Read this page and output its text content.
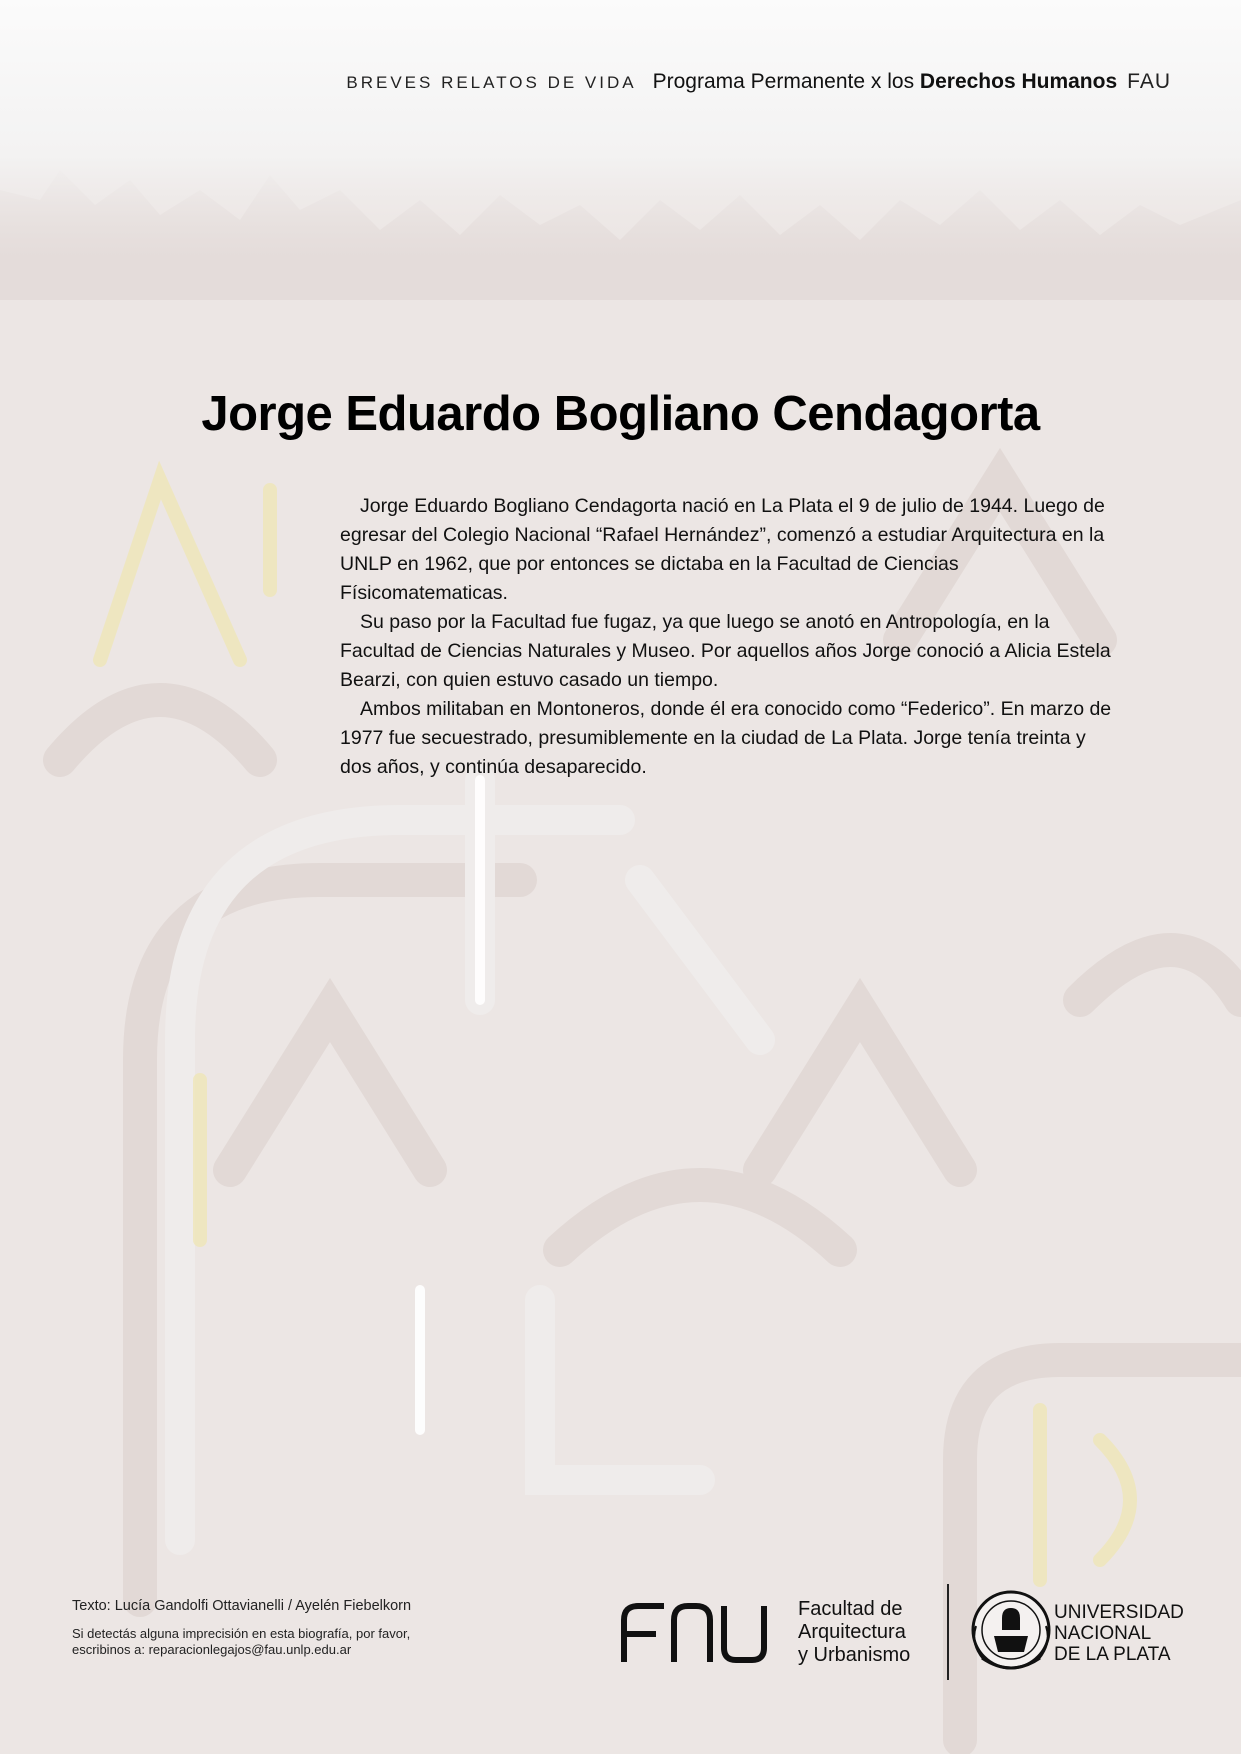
BREVES RELATOS DE VIDA Programa Permanente x los Derechos Humanos FAU
Jorge Eduardo Bogliano Cendagorta

Jorge Eduardo Bogliano Cendagorta nació en La Plata el 9 de julio de 1944. Luego de egresar del Colegio Nacional “Rafael Hernández”, comenzó a estudiar Arquitectura en la UNLP en 1962, que por entonces se dictaba en la Facultad de Ciencias Físicomatematicas.

Su paso por la Facultad fue fugaz, ya que luego se anotó en Antropología, en la Facultad de Ciencias Naturales y Museo. Por aquellos años Jorge conoció a Alicia Estela Bearzi, con quien estuvo casado un tiempo.

Ambos militaban en Montoneros, donde él era conocido como “Federico”. En marzo de 1977 fue secuestrado, presumiblemente en la ciudad de La Plata. Jorge tenía treinta y dos años, y continúa desaparecido.

Texto: Lucía Gandolfi Ottavianelli / Ayelén Fiebelkorn
Si detectás alguna imprecisión en esta biografía, por favor,
escribinos a: reparacionlegajos@fau.unlp.edu.ar
FAU	Facultad de
Arquitectura
y Urbanismo
UNIVERSIDAD
NACIONAL
DE LA PLATA
